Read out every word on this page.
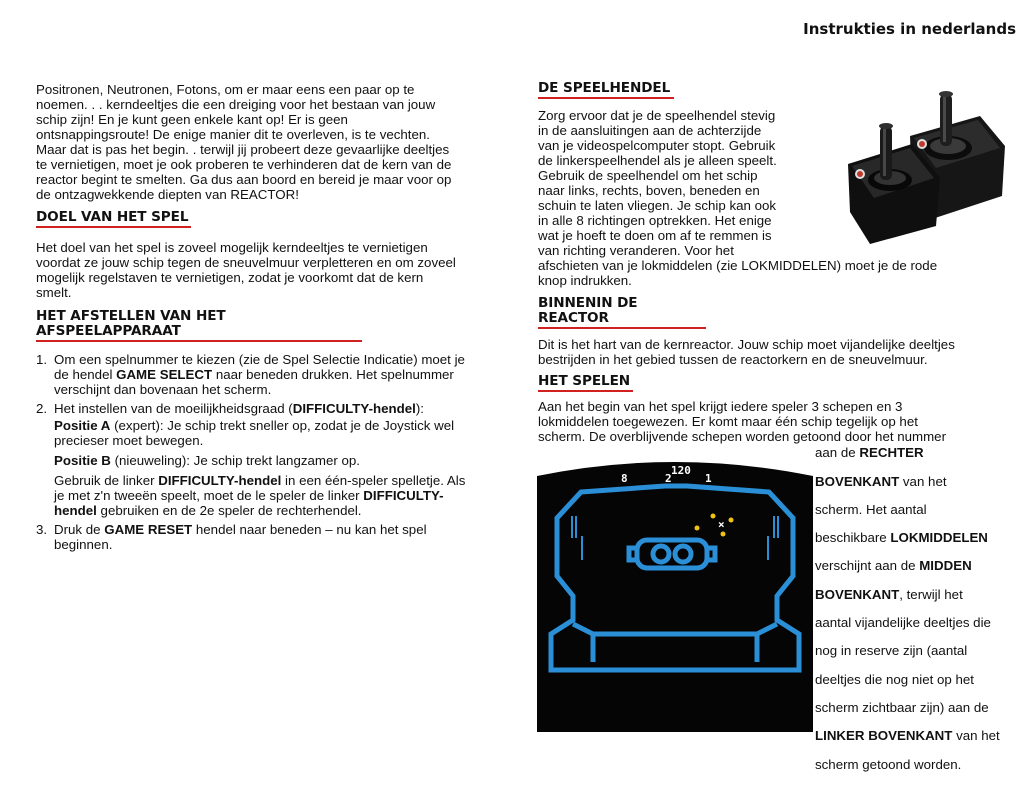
Instrukties in nederlands

Positronen, Neutronen, Fotons, om er maar eens een paar op te

noemen. . . kerndeeltjes die een dreiging voor het bestaan van jouw

schip zijn! En je kunt geen enkele kant op! Er is geen

ontsnappingsroute! De enige manier dit te overleven, is te vechten.

Maar dat is pas het begin. . terwijl jij probeert deze gevaarlijke deeltjes

te vernietigen, moet je ook proberen te verhinderen dat de kern van de

reactor begint te smelten. Ga dus aan boord en bereid je maar voor op

de ontzagwekkende diepten van REACTOR!

DOEL VAN HET SPEL

Het doel van het spel is zoveel mogelijk kerndeeltjes te vernietigen

voordat ze jouw schip tegen de sneuvelmuur verpletteren en om zoveel

mogelijk regelstaven te vernietigen, zodat je voorkomt dat de kern

smelt.

HET AFSTELLEN VAN HET AFSPEELAPPARAAT
1. Om een spelnummer te kiezen (zie de Spel Selectie Indicatie) moet je

de hendel GAME SELECT naar beneden drukken. Het spelnummer

verschijnt dan bovenaan het scherm.

2. Het instellen van de moeilijkheidsgraad (DIFFICULTY-hendel):

Positie A (expert): Je schip trekt sneller op, zodat je de Joystick wel

precieser moet bewegen.

Positie B (nieuweling): Je schip trekt langzamer op.

Gebruik de linker DIFFICULTY-hendel in een één-speler spelletje. Als

je met z'n tweeën speelt, moet de le speler de linker DIFFICULTY-

hendel gebruiken en de 2e speler de rechterhendel.

3. Druk de GAME RESET hendel naar beneden – nu kan het spel

beginnen.

DE SPEELHENDEL

Zorg ervoor dat je de speelhendel stevig

in de aansluitingen aan de achterzijde

van je videospelcomputer stopt. Gebruik

de linkerspeelhendel als je alleen speelt.

Gebruik de speelhendel om het schip

naar links, rechts, boven, beneden en

schuin te laten vliegen. Je schip kan ook

in alle 8 richtingen optrekken. Het enige

wat je hoeft te doen om af te remmen is

van richting veranderen. Voor het

afschieten van je lokmiddelen (zie LOKMIDDELEN) moet je de rode

knop indrukken.

BINNENIN DE REACTOR

Dit is het hart van de kernreactor. Jouw schip moet vijandelijke deeltjes

bestrijden in het gebied tussen de reactorkern en de sneuvelmuur.

HET SPELEN

Aan het begin van het spel krijgt iedere speler 3 schepen en 3

lokmiddelen toegewezen. Er komt maar één schip tegelijk op het

scherm. De overblijvende schepen worden getoond door het nummer

aan de RECHTER

BOVENKANT van het

scherm. Het aantal

beschikbare LOKMIDDELEN

verschijnt aan de MIDDEN

BOVENKANT, terwijl het

aantal vijandelijke deeltjes die

nog in reserve zijn (aantal

deeltjes die nog niet op het

scherm zichtbaar zijn) aan de

LINKER BOVENKANT van het

scherm getoond worden.

×
120
8	2	1
